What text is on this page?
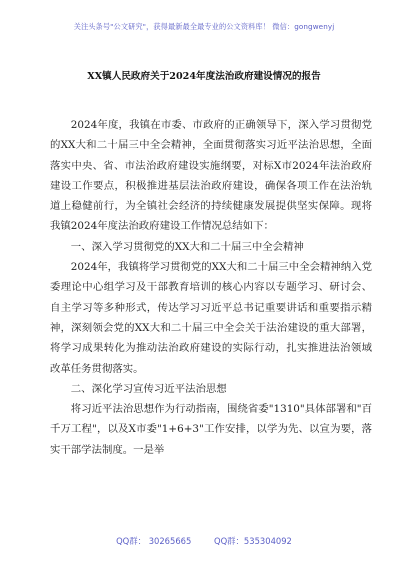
关注头条号"公文研究"，获得最新最全最专业的公文资料库！ 微信：gongwenyj
XX镇人民政府关于2024年度法治政府建设情况的报告

2024年度，我镇在市委、市政府的正确领导下，深入学习贯彻党的XX大和二十届三中全会精神，全面贯彻落实习近平法治思想，全面落实中央、省、市法治政府建设实施纲要，对标X市2024年法治政府建设工作要点，积极推进基层法治政府建设，确保各项工作在法治轨道上稳健前行，为全镇社会经济的持续健康发展提供坚实保障。现将我镇2024年度法治政府建设工作情况总结如下：

一、深入学习贯彻党的XX大和二十届三中全会精神

2024年，我镇将学习贯彻党的XX大和二十届三中全会精神纳入党委理论中心组学习及干部教育培训的核心内容以专题学习、研讨会、自主学习等多种形式，传达学习习近平总书记重要讲话和重要指示精神，深刻领会党的XX大和二十届三中全会关于法治建设的重大部署，将学习成果转化为推动法治政府建设的实际行动，扎实推进法治领域改革任务贯彻落实。

二、深化学习宣传习近平法治思想

将习近平法治思想作为行动指南，围绕省委"1310"具体部署和"百千万工程"，以及X市委"1+6+3"工作安排，以学为先、以宣为要，落实干部学法制度。一是举

QQ群： 30265665	QQ群：535304092
